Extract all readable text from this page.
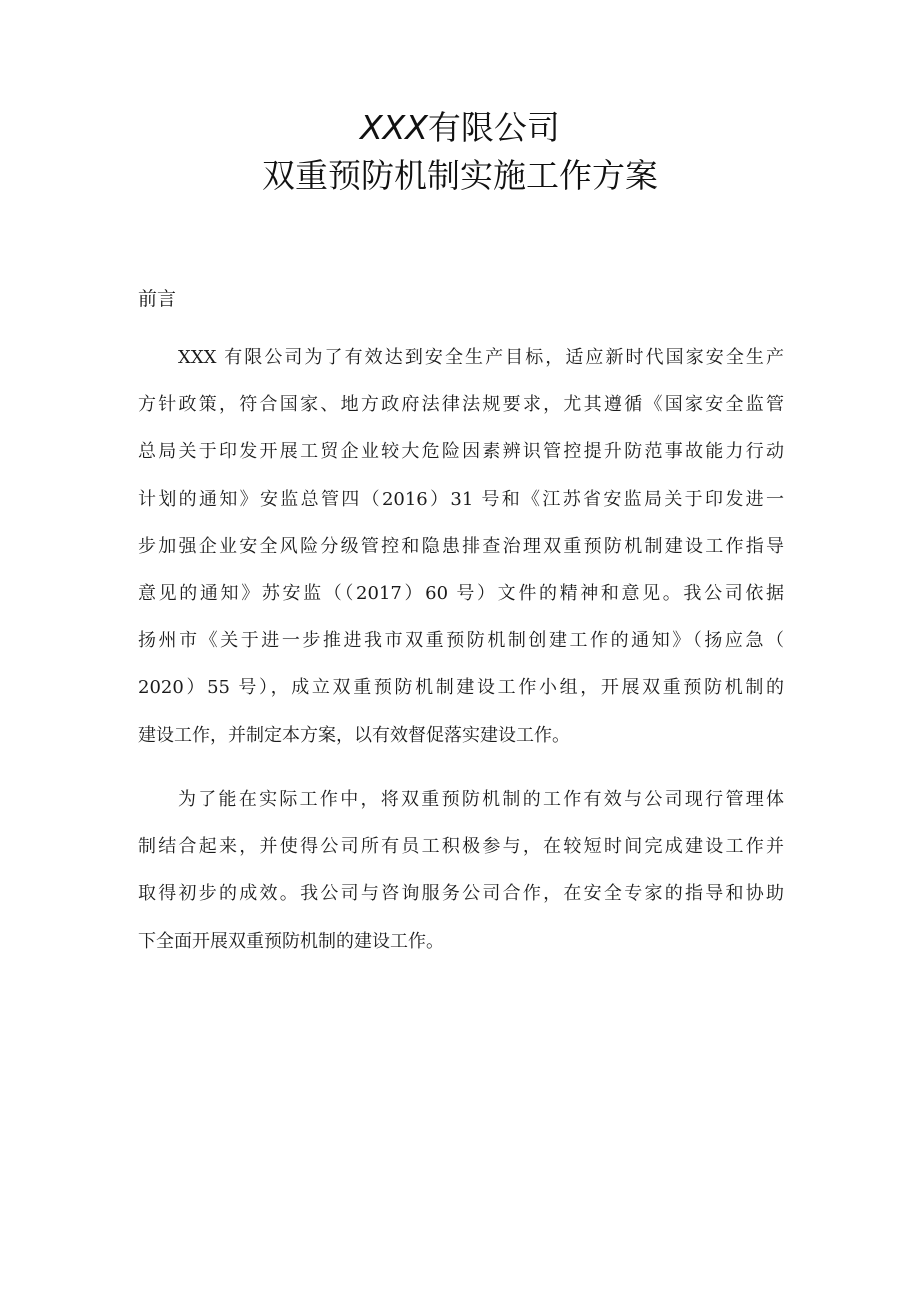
XXX有限公司
双重预防机制实施工作方案
前言
XXX 有限公司为了有效达到安全生产目标，适应新时代国家安全生产
方针政策，符合国家、地方政府法律法规要求，尤其遵循《国家安全监管
总局关于印发开展工贸企业较大危险因素辨识管控提升防范事故能力行动
计划的通知》安监总管四（2016）31 号和《江苏省安监局关于印发进一
步加强企业安全风险分级管控和隐患排查治理双重预防机制建设工作指导
意见的通知》苏安监（（2017）60 号）文件的精神和意见。我公司依据
扬州市《关于进一步推进我市双重预防机制创建工作的通知》（扬应急（
2020）55 号），成立双重预防机制建设工作小组，开展双重预防机制的
建设工作，并制定本方案，以有效督促落实建设工作。
为了能在实际工作中，将双重预防机制的工作有效与公司现行管理体
制结合起来，并使得公司所有员工积极参与，在较短时间完成建设工作并
取得初步的成效。我公司与咨询服务公司合作，在安全专家的指导和协助
下全面开展双重预防机制的建设工作。
